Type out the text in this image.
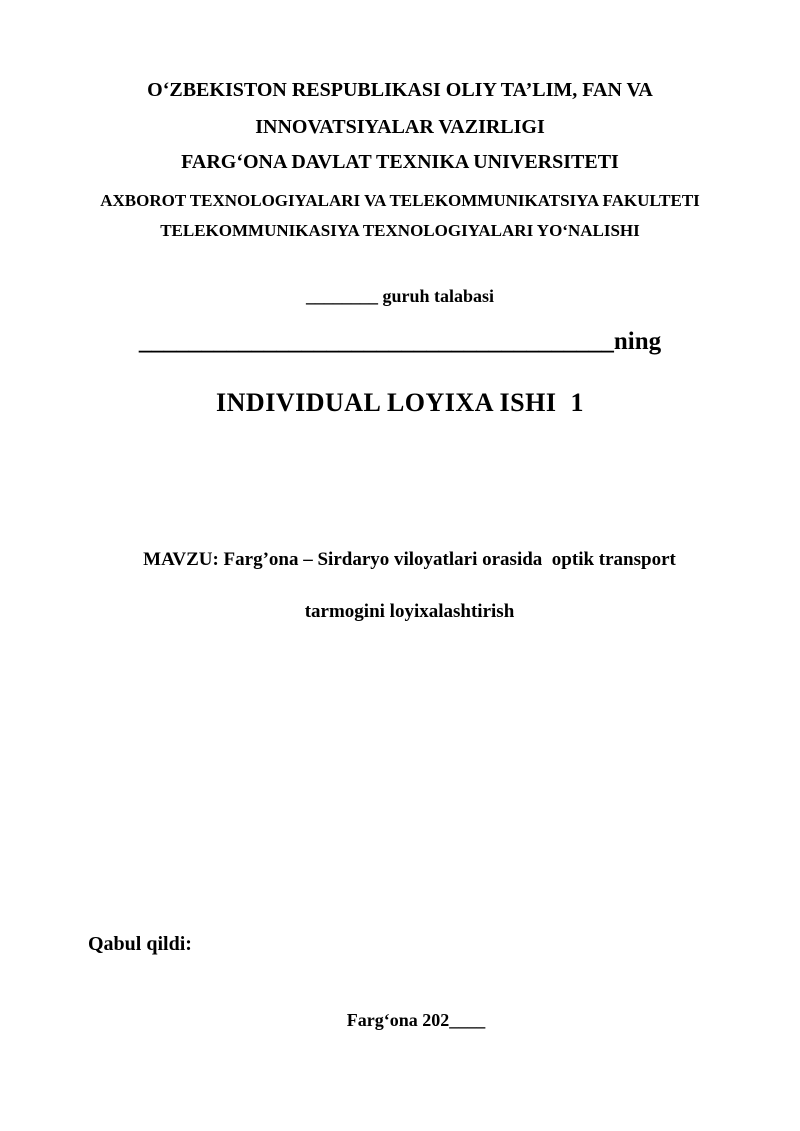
O‘ZBEKISTON RESPUBLIKASI OLIY TA’LIM, FAN VA
INNOVATSIYALAR VAZIRLIGI
FARG‘ONA DAVLAT TEXNIKA UNIVERSITETI
AXBOROT TEXNOLOGIYALARI VA TELEKOMMUNIKATSIYA FAKULTETI
TELEKOMMUNIKASIYA TEXNOLOGIYALARI YO‘NALISHI
________ guruh talabasi
______________________________________ning
INDIVIDUAL LOYIXA ISHI  1

MAVZU: Farg’ona – Sirdaryo viloyatlari orasida  optik transport

tarmogini loyixalashtirish

Qabul qildi:
Farg‘ona 202____
